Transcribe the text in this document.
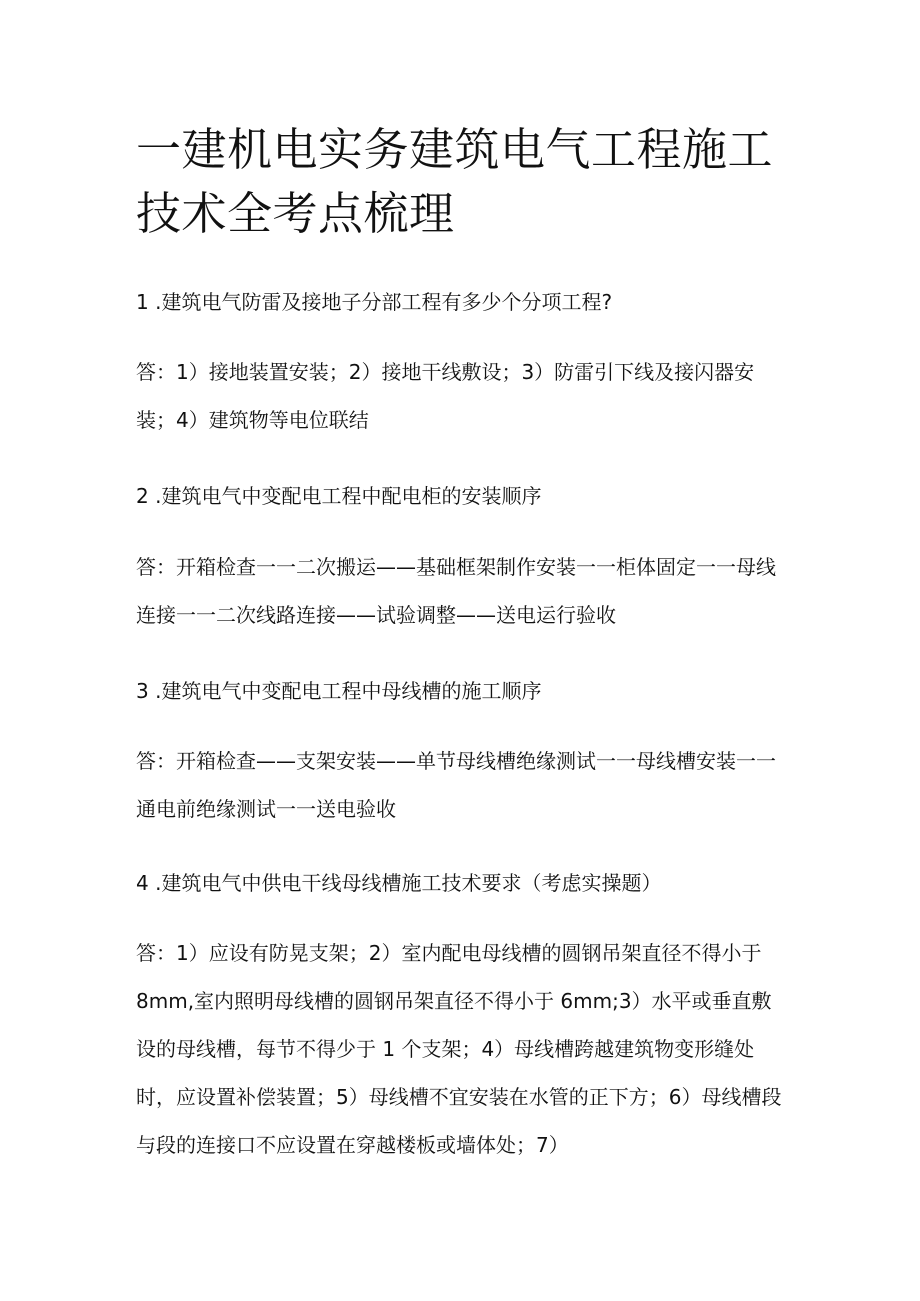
一建机电实务建筑电气工程施工技术全考点梳理

1 .建筑电气防雷及接地子分部工程有多少个分项工程?

答：1）接地装置安装；2）接地干线敷设；3）防雷引下线及接闪器安装；4）建筑物等电位联结

2 .建筑电气中变配电工程中配电柜的安装顺序

答：开箱检查一一二次搬运——基础框架制作安装一一柜体固定一一母线连接一一二次线路连接——试验调整——送电运行验收

3 .建筑电气中变配电工程中母线槽的施工顺序

答：开箱检查——支架安装——单节母线槽绝缘测试一一母线槽安装一一通电前绝缘测试一一送电验收

4 .建筑电气中供电干线母线槽施工技术要求（考虑实操题）

答：1）应设有防晃支架；2）室内配电母线槽的圆钢吊架直径不得小于 8mm,室内照明母线槽的圆钢吊架直径不得小于 6mm;3）水平或垂直敷设的母线槽，每节不得少于 1 个支架；4）母线槽跨越建筑物变形缝处时，应设置补偿装置；5）母线槽不宜安装在水管的正下方；6）母线槽段与段的连接口不应设置在穿越楼板或墙体处；7）
